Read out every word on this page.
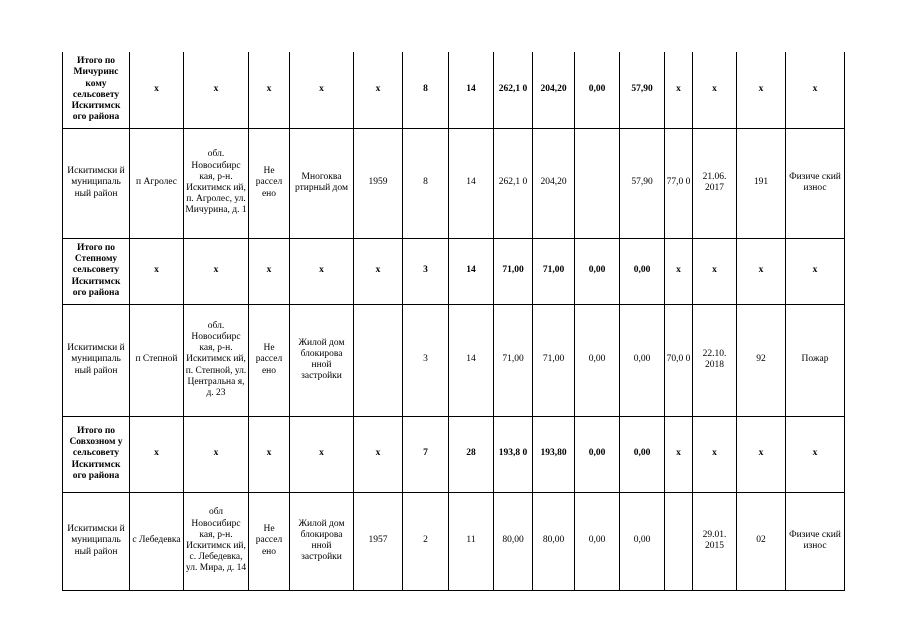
Итого по Мичуринс кому сельсовету Искитимск ого района	х	х	х	х	х	8	14	262,1 0	204,20	0,00	57,90	х	х	х	х
Искитимски й муниципаль ный район	п Агролес	обл. Новосибирс кая, р-н. Искитимск ий, п. Агролес, ул. Мичурина, д. 1	Не рассел ено	Многоква ртирный дом	1959	8	14	262,1 0	204,20		57,90	77,0 0	21.06. 2017	191	Физиче ский износ
Итого по Степному сельсовету Искитимск ого района	х	х	х	х	х	3	14	71,00	71,00	0,00	0,00	х	х	х	х
Искитимски й муниципаль ный район	п Степной	обл. Новосибирс кая, р-н. Искитимск ий, п. Степной, ул. Центральна я, д. 23	Не рассел ено	Жилой дом блокирова нной застройки		3	14	71,00	71,00	0,00	0,00	70,0 0	22.10. 2018	92	Пожар
Итого по Совхозном у сельсовету Искитимск ого района	х	х	х	х	х	7	28	193,8 0	193,80	0,00	0,00	х	х	х	х
Искитимски й муниципаль ный район	с Лебедевка	обл Новосибирс кая, р-н. Искитимск ий, с. Лебедевка, ул. Мира, д. 14	Не рассел ено	Жилой дом блокирова нной застройки	1957	2	11	80,00	80,00	0,00	0,00		29.01. 2015	02	Физиче ский износ
